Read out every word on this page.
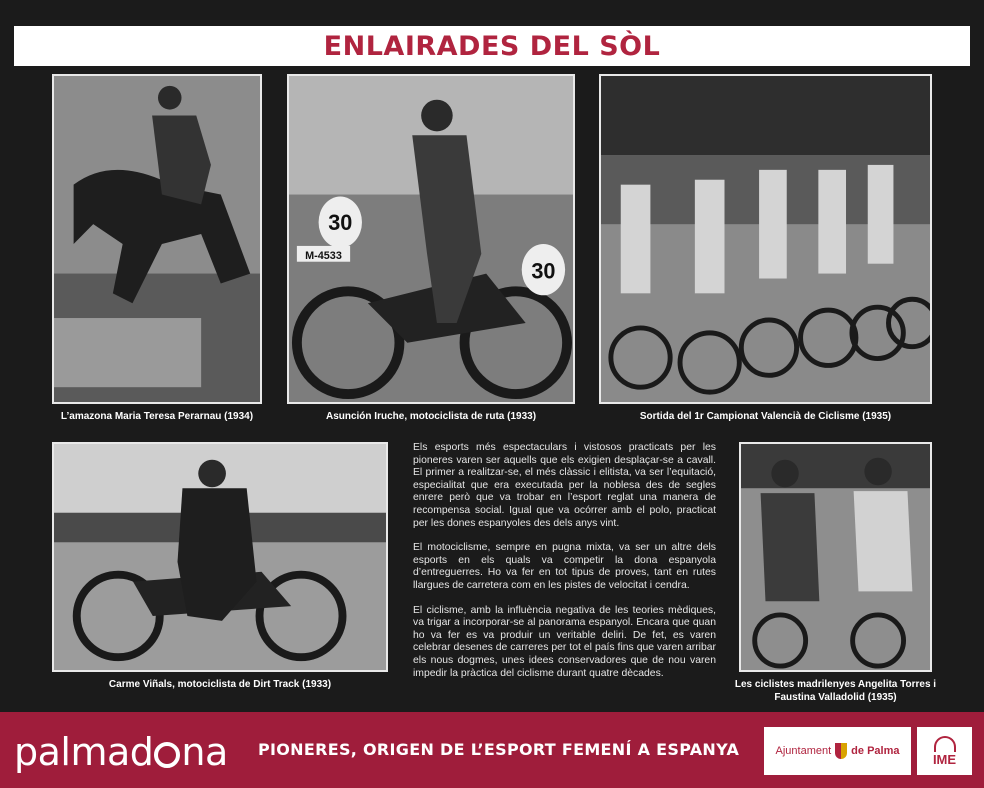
ENLAIRADES DEL SÒL
L’amazona Maria Teresa Perarnau (1934)
30
M-4533
30
Asunción Iruche, motociclista de ruta (1933)	Sortida del 1r Campionat Valencià de Ciclisme (1935)
Carme Viñals, motociclista de Dirt Track (1933)

Els esports més espectaculars i vistosos practicats per les pioneres varen ser aquells que els exigien desplaçar-se a cavall. El primer a realitzar-se, el més clàssic i elitista, va ser l’equitació, especialitat que era executada per la noblesa des de segles enrere però que va trobar en l’esport reglat una manera de recompensa social. Igual que va ocórrer amb el polo, practicat per les dones espanyoles des dels anys vint.

El motociclisme, sempre en pugna mixta, va ser un altre dels esports en els quals va competir la dona espanyola d’entreguerres. Ho va fer en tot tipus de proves, tant en rutes llargues de carretera com en les pistes de velocitat i cendra.

El ciclisme, amb la influència negativa de les teories mèdiques, va trigar a incorporar-se al panorama espanyol. Encara que quan ho va fer es va produir un veritable deliri. De fet, es varen celebrar desenes de carreres per tot el país fins que varen arribar els nous dogmes, unes idees conservadores que de nou varen impedir la pràctica del ciclisme durant quatre dècades.

Les ciclistes madrilenyes Angelita Torres i Faustina Valladolid (1935)
palmad na PIONERES, ORIGEN DE L’ESPORT FEMENÍ A ESPANYA	Ajuntament de Palma
IME
